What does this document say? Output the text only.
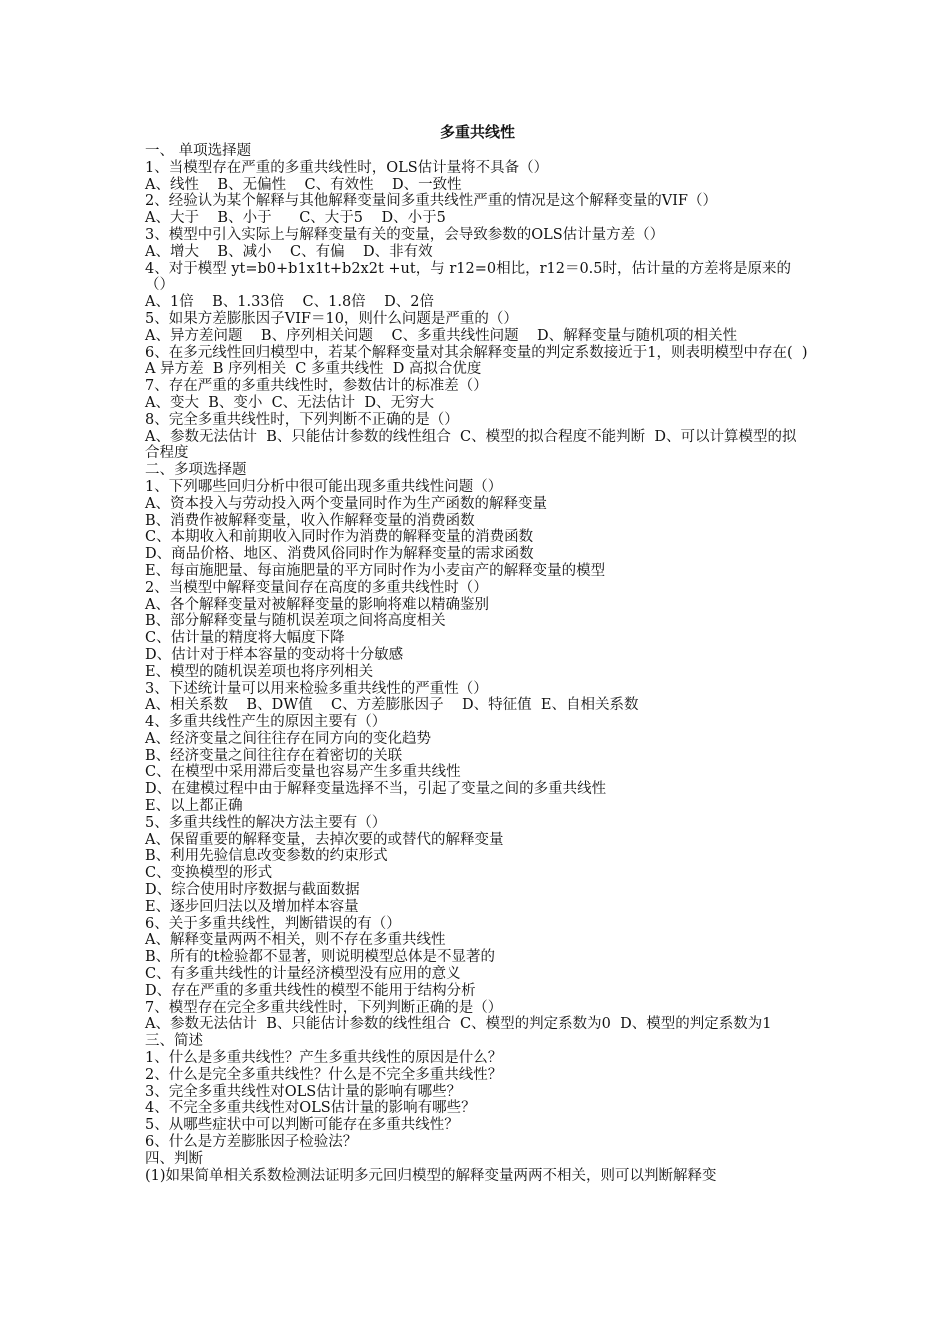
多重共线性
一、 单项选择题
1、当模型存在严重的多重共线性时，OLS估计量将不具备（）
A、线性    B、无偏性    C、有效性    D、一致性
2、经验认为某个解释与其他解释变量间多重共线性严重的情况是这个解释变量的VIF（）
A、大于    B、小于      C、大于5    D、小于5
3、模型中引入实际上与解释变量有关的变量，会导致参数的OLS估计量方差（）
A、增大    B、减小    C、有偏    D、非有效
4、对于模型 yt=b0+b1x1t+b2x2t +ut，与 r12=0相比，r12＝0.5时，估计量的方差将是原来的（）
A、1倍    B、1.33倍    C、1.8倍    D、2倍
5、如果方差膨胀因子VIF＝10，则什么问题是严重的（）
A、异方差问题    B、序列相关问题    C、多重共线性问题    D、解释变量与随机项的相关性
6、在多元线性回归模型中，若某个解释变量对其余解释变量的判定系数接近于1，则表明模型中存在(  )
A 异方差  B 序列相关  C 多重共线性  D 高拟合优度
7、存在严重的多重共线性时，参数估计的标准差（）
A、变大  B、变小  C、无法估计  D、无穷大
8、完全多重共线性时，下列判断不正确的是（）
A、参数无法估计  B、只能估计参数的线性组合  C、模型的拟合程度不能判断  D、可以计算模型的拟合程度
二、多项选择题
1、下列哪些回归分析中很可能出现多重共线性问题（）
A、资本投入与劳动投入两个变量同时作为生产函数的解释变量
B、消费作被解释变量，收入作解释变量的消费函数
C、本期收入和前期收入同时作为消费的解释变量的消费函数
D、商品价格、地区、消费风俗同时作为解释变量的需求函数
E、每亩施肥量、每亩施肥量的平方同时作为小麦亩产的解释变量的模型
2、当模型中解释变量间存在高度的多重共线性时（）
A、各个解释变量对被解释变量的影响将难以精确鉴别
B、部分解释变量与随机误差项之间将高度相关
C、估计量的精度将大幅度下降
D、估计对于样本容量的变动将十分敏感
E、模型的随机误差项也将序列相关
3、下述统计量可以用来检验多重共线性的严重性（）
A、相关系数    B、DW值    C、方差膨胀因子    D、特征值  E、自相关系数
4、多重共线性产生的原因主要有（）
A、经济变量之间往往存在同方向的变化趋势
B、经济变量之间往往存在着密切的关联
C、在模型中采用滞后变量也容易产生多重共线性
D、在建模过程中由于解释变量选择不当，引起了变量之间的多重共线性
E、以上都正确
5、多重共线性的解决方法主要有（）
A、保留重要的解释变量，去掉次要的或替代的解释变量
B、利用先验信息改变参数的约束形式
C、变换模型的形式
D、综合使用时序数据与截面数据
E、逐步回归法以及增加样本容量
6、关于多重共线性，判断错误的有（）
A、解释变量两两不相关，则不存在多重共线性
B、所有的t检验都不显著，则说明模型总体是不显著的
C、有多重共线性的计量经济模型没有应用的意义
D、存在严重的多重共线性的模型不能用于结构分析
7、模型存在完全多重共线性时，下列判断正确的是（）
A、参数无法估计  B、只能估计参数的线性组合  C、模型的判定系数为0  D、模型的判定系数为1
三、简述
1、什么是多重共线性？产生多重共线性的原因是什么？
2、什么是完全多重共线性？什么是不完全多重共线性？
3、完全多重共线性对OLS估计量的影响有哪些？
4、不完全多重共线性对OLS估计量的影响有哪些？
5、从哪些症状中可以判断可能存在多重共线性？
6、什么是方差膨胀因子检验法？
四、判断
(1)如果简单相关系数检测法证明多元回归模型的解释变量两两不相关，则可以判断解释变
